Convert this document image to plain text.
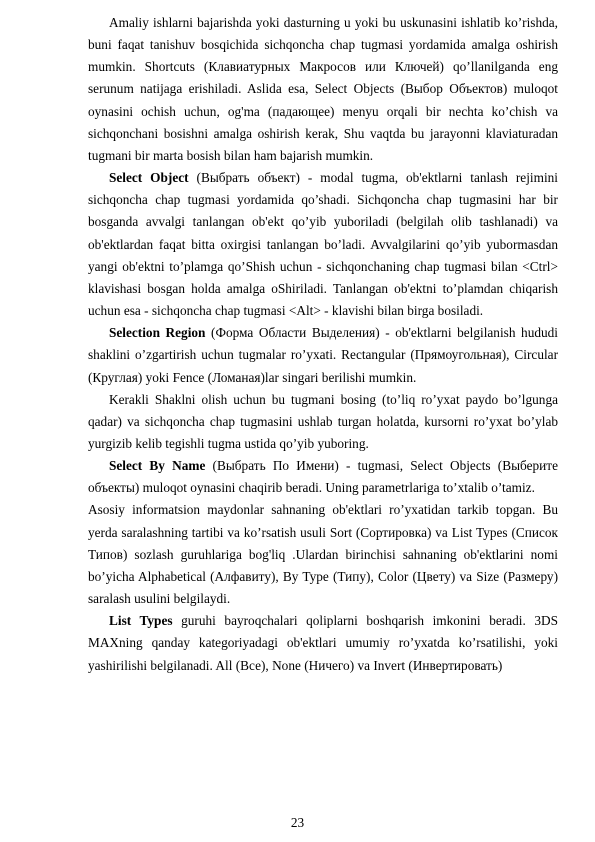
Amaliy ishlarni bajarishda yoki dasturning u yoki bu uskunasini ishlatib ko’rishda, buni faqat tanishuv bosqichida sichqoncha chap tugmasi yordamida amalga oshirish mumkin. Shortcuts (Клавиатурных Макросов или Ключей) qo’llanilganda eng serunum natijaga erishiladi. Aslida esa, Select Objects (Выбор Объектов) muloqot oynasini ochish uchun, og'ma (падающее) menyu orqali bir nechta ko’chish va sichqonchani bosishni amalga oshirish kerak, Shu vaqtda bu jarayonni klaviaturadan tugmani bir marta bosish bilan ham bajarish mumkin.

Select Object (Выбрать объект) - modal tugma, ob'ektlarni tanlash rejimini sichqoncha chap tugmasi yordamida qo’shadi. Sichqoncha chap tugmasini har bir bosganda avvalgi tanlangan ob'ekt qo’yib yuboriladi (belgilah olib tashlanadi) va ob'ektlardan faqat bitta oxirgisi tanlangan bo’ladi. Avvalgilarini qo’yib yubormasdan yangi ob'ektni to’plamga qo’Shish uchun - sichqonchaning chap tugmasi bilan <Ctrl> klavishasi bosgan holda amalga oShiriladi. Tanlangan ob'ektni to’plamdan chiqarish uchun esa - sichqoncha chap tugmasi <Alt> - klavishi bilan birga bosiladi.

Selection Region (Форма Области Выделения) - ob'ektlarni belgilanish hududi shaklini o’zgartirish uchun tugmalar ro’yxati. Rectangular (Прямоугольная), Circular (Круглая) yoki Fence (Ломаная)lar singari berilishi mumkin.

Kerakli Shaklni olish uchun bu tugmani bosing (to’liq ro’yxat paydo bo’lgunga qadar) va sichqoncha chap tugmasini ushlab turgan holatda, kursorni ro’yxat bo’ylab yurgizib kelib tegishli tugma ustida qo’yib yuboring.

Select By Name (Выбрать По Имени) - tugmasi, Select Objects (Выберите объекты) muloqot oynasini chaqirib beradi. Uning parametrlariga to’xtalib o’tamiz.

Asosiy informatsion maydonlar sahnaning ob'ektlari ro’yxatidan tarkib topgan. Bu yerda saralashning tartibi va ko’rsatish usuli Sort (Сортировка) va List Types (Список Типов) sozlash guruhlariga bog'liq .Ulardan birinchisi sahnaning ob'ektlarini nomi bo’yicha Alphabetical (Алфавиту), By Type (Типу), Color (Цвету) va Size (Размеру) saralash usulini belgilaydi.

List Types guruhi bayroqchalari qoliplarni boshqarish imkonini beradi. 3DS MAXning qanday kategoriyadagi ob'ektlari umumiy ro’yxatda ko’rsatilishi, yoki yashirilishi belgilanadi. All (Все), None (Ничего) va Invert (Инвертировать)

23
